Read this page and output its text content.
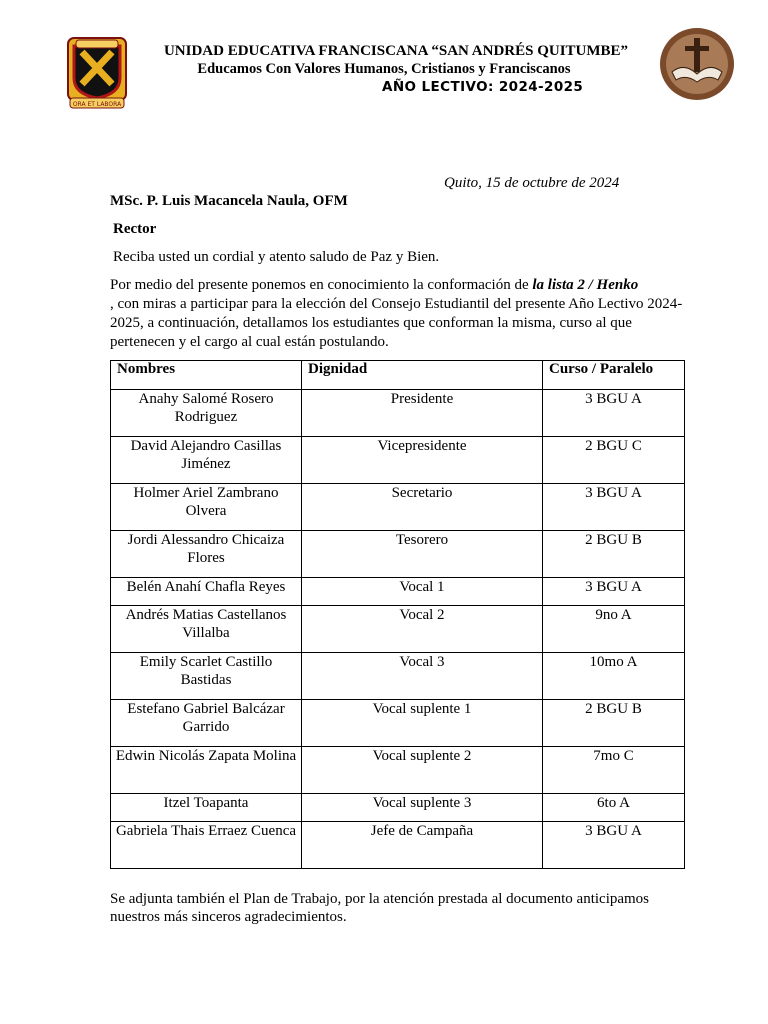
ORA ET LABORA
UNIDAD EDUCATIVA FRANCISCANA “SAN ANDRÉS QUITUMBE”
Educamos Con Valores Humanos, Cristianos y Franciscanos
AÑO LECTIVO: 2024-2025
Quito, 15 de octubre de 2024
MSc. P. Luis Macancela Naula, OFM
Rector
Reciba usted un cordial y atento saludo de Paz y Bien.
Por medio del presente ponemos en conocimiento la conformación de la lista 2 / Henko
, con miras a participar para la elección del Consejo Estudiantil del presente Año Lectivo 2024-2025, a continuación, detallamos los estudiantes que conforman la misma, curso al que pertenecen y el cargo al cual están postulando.
Nombres	Dignidad	Curso / Paralelo
Anahy Salomé Rosero Rodriguez	Presidente	3 BGU A
David Alejandro Casillas Jiménez	Vicepresidente	2 BGU C
Holmer Ariel Zambrano Olvera	Secretario	3 BGU A
Jordi Alessandro Chicaiza Flores	Tesorero	2 BGU B
Belén Anahí Chafla Reyes	Vocal 1	3 BGU A
Andrés Matias Castellanos Villalba	Vocal 2	9no A
Emily Scarlet Castillo Bastidas	Vocal 3	10mo A
Estefano Gabriel Balcázar Garrido	Vocal suplente 1	2 BGU B
Edwin Nicolás Zapata Molina	Vocal suplente 2	7mo C
Itzel Toapanta	Vocal suplente 3	6to A
Gabriela Thais Erraez Cuenca	Jefe de Campaña	3 BGU A
Se adjunta también el Plan de Trabajo, por la atención prestada al documento anticipamos nuestros más sinceros agradecimientos.
